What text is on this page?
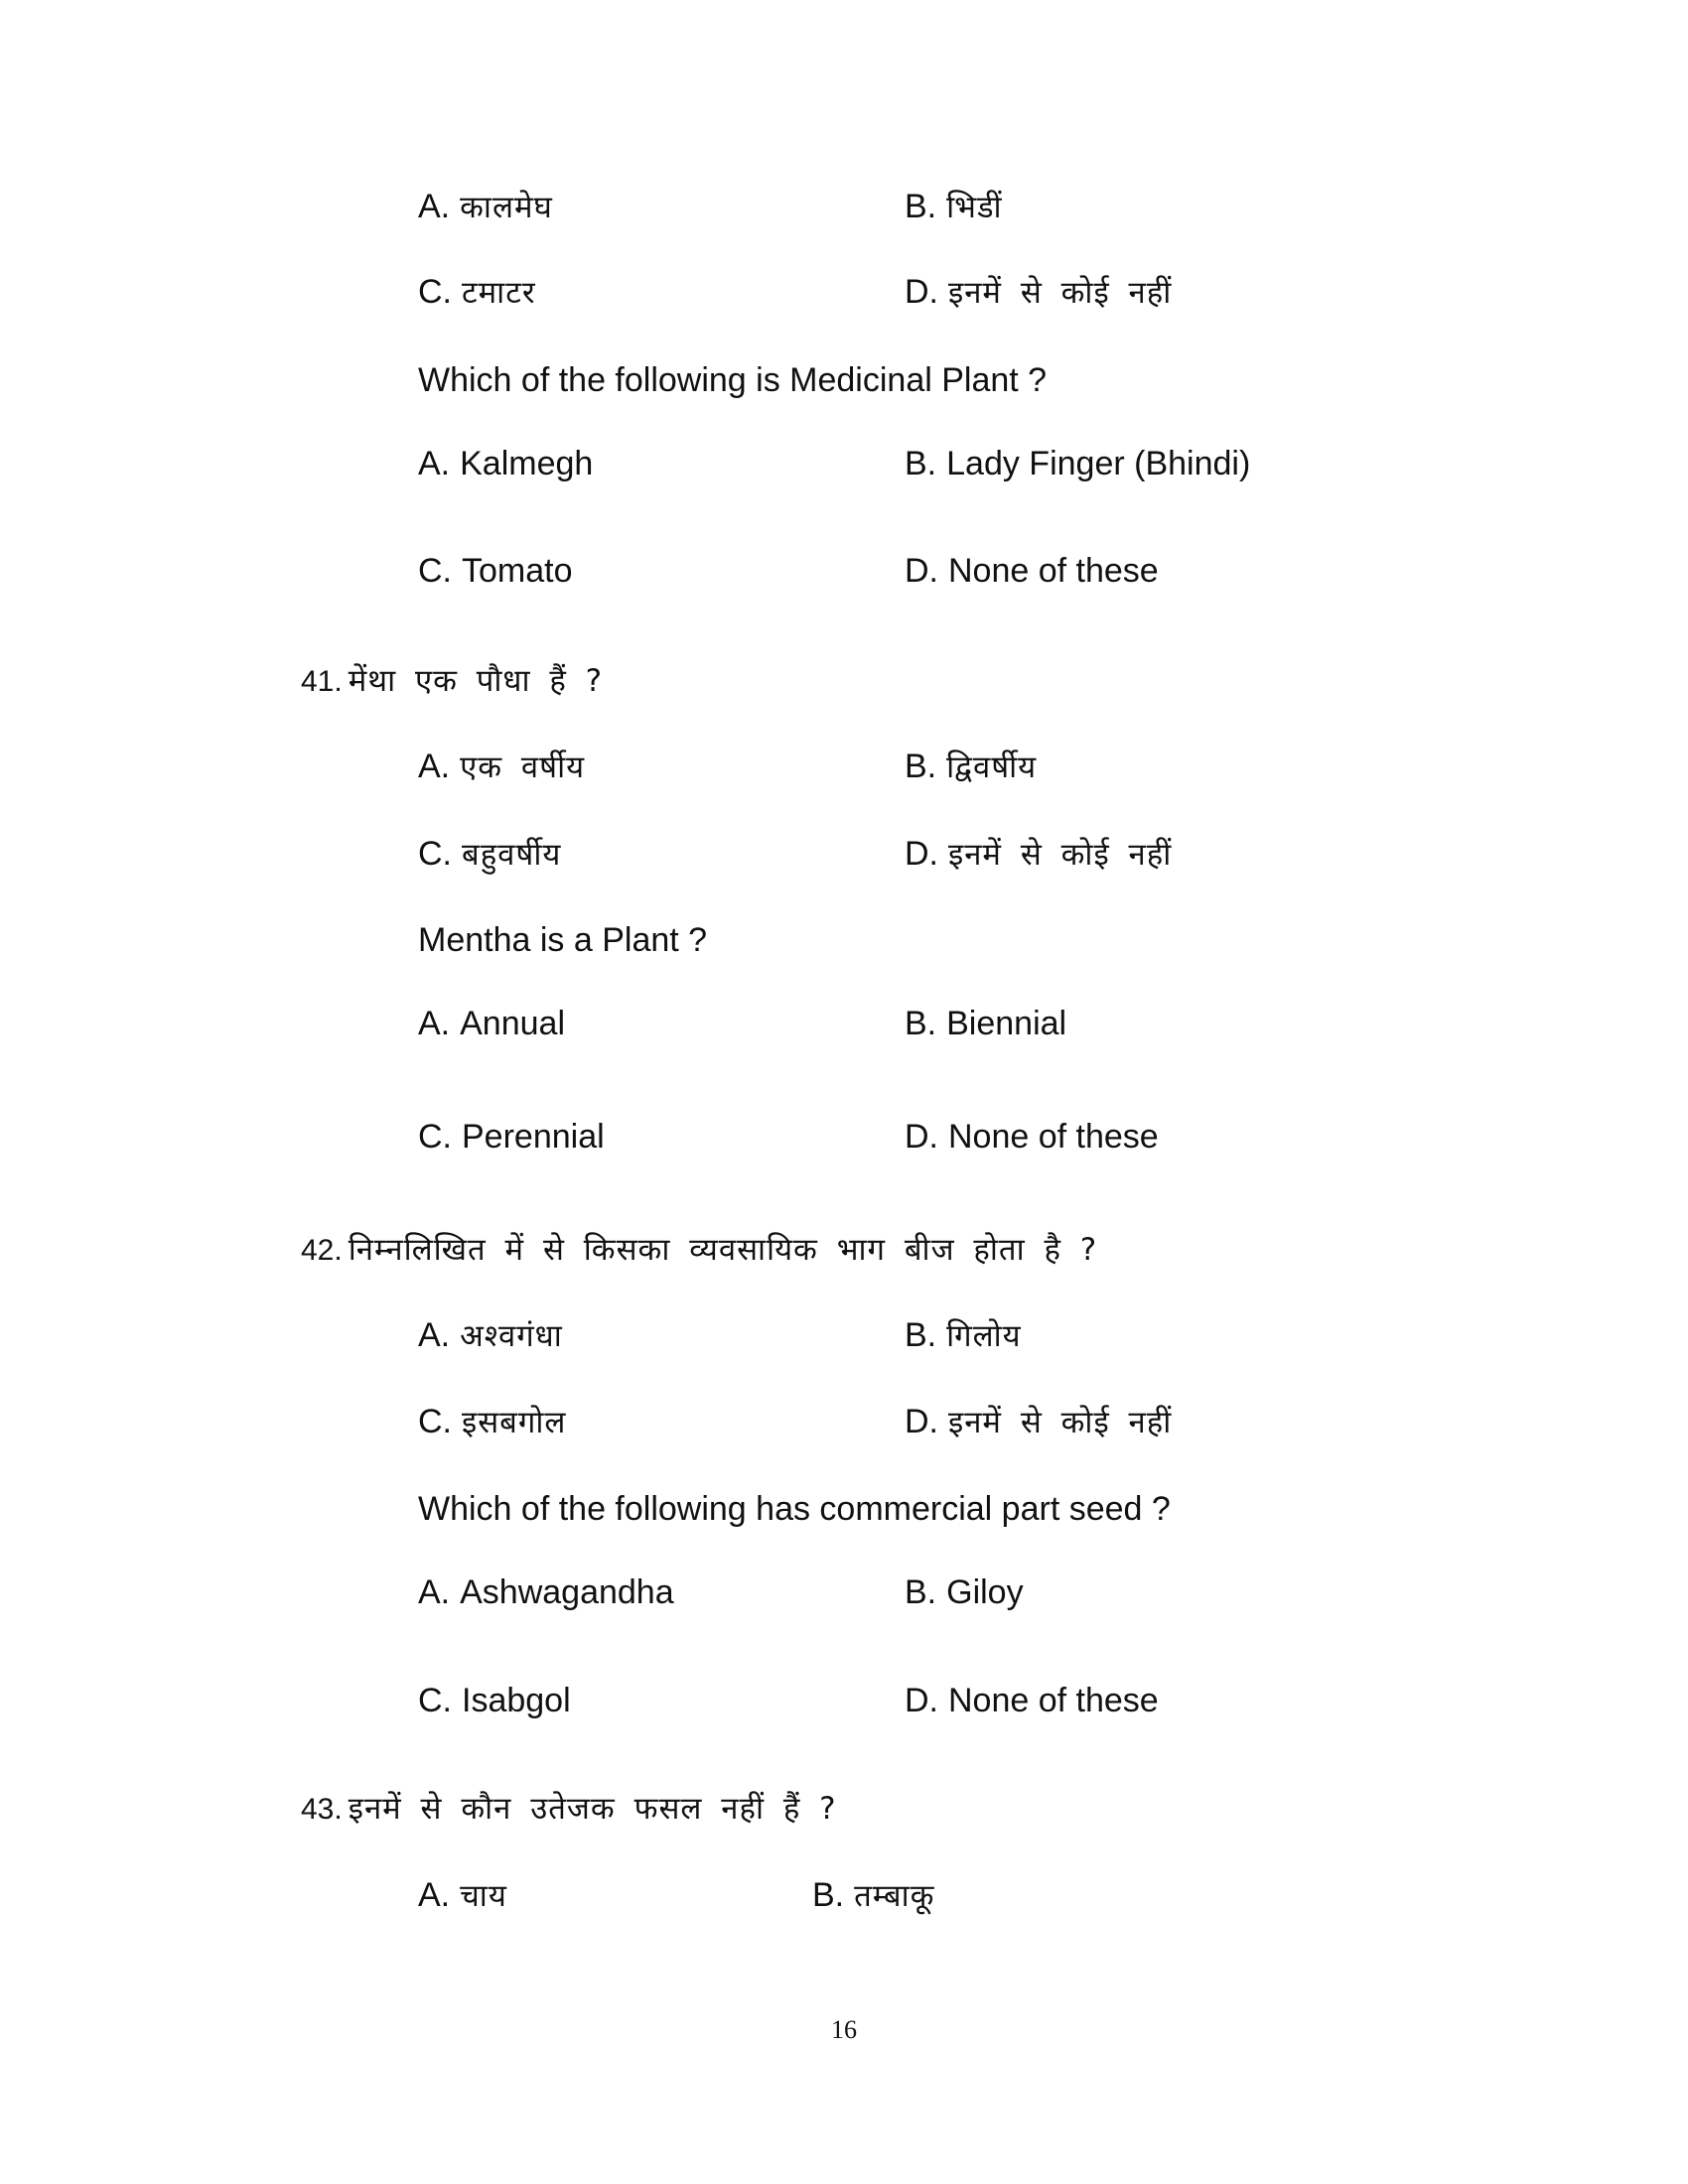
A. कालमेघ	B. भिडीं
C. टमाटर	D. इनमें से कोई नहीं
Which of the following is Medicinal Plant ?
A. Kalmegh	B. Lady Finger (Bhindi)
C. Tomato	D. None of these
41. मेंथा एक पौधा हैं ?
A. एक वर्षीय	B. द्विवर्षीय
C. बहुवर्षीय	D. इनमें से कोई नहीं
Mentha is a Plant ?
A. Annual	B. Biennial
C. Perennial	D. None of these
42. निम्नलिखित में से किसका व्यवसायिक भाग बीज होता है ?
A. अश्वगंधा	B. गिलोय
C. इसबगोल	D. इनमें से कोई नहीं
Which of the following has commercial part seed ?
A. Ashwagandha	B. Giloy
C. Isabgol	D. None of these
43. इनमें से कौन उतेजक फसल नहीं हैं ?
A. चाय	B. तम्बाकू
16
